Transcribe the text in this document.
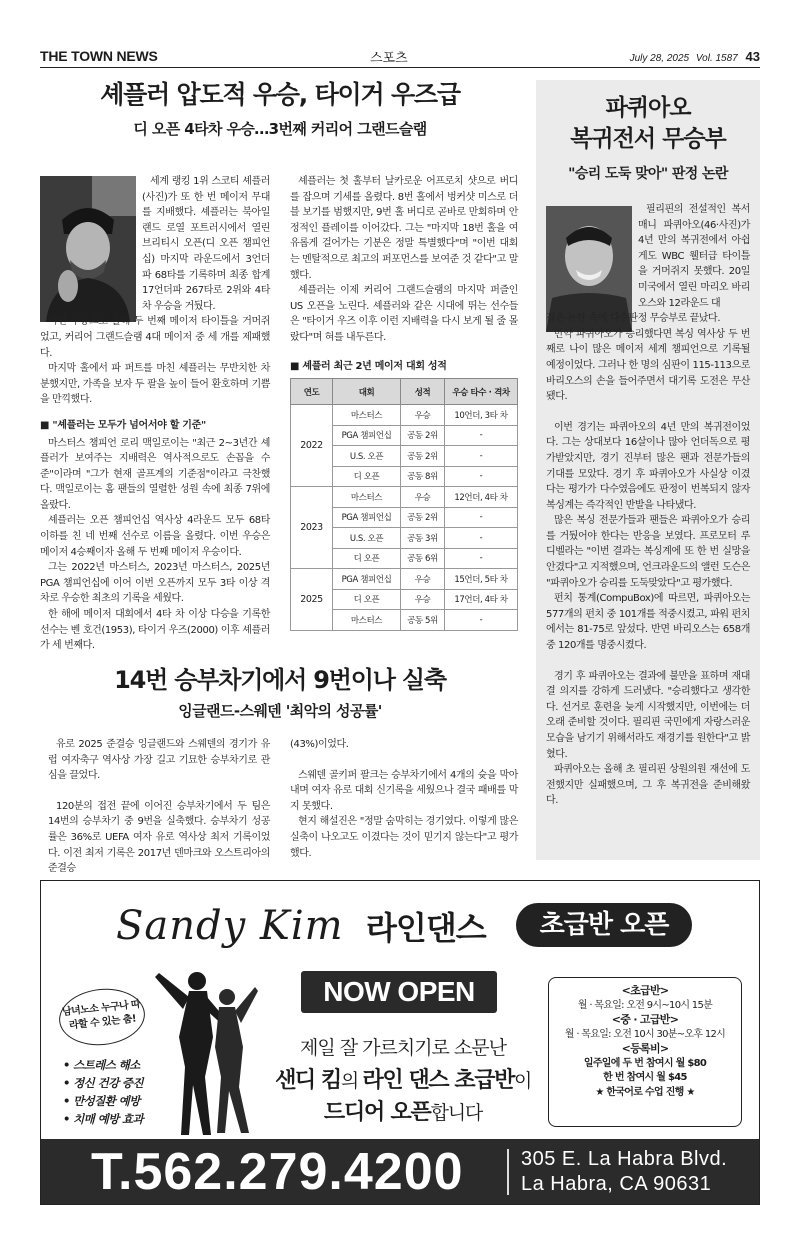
THE TOWN NEWS	스포츠	July 28, 2025 Vol. 1587 43
셰플러 압도적 우승, 타이거 우즈급
디 오픈 4타차 우승…3번째 커리어 그랜드슬램

세계 랭킹 1위 스코티 셰플러(사진)가 또 한 번 메이저 무대를 지배했다. 셰플러는 북아일랜드 로열 포트러시에서 열린 브리티시 오픈(디 오픈 챔피언십) 마지막 라운드에서 3언더파 68타를 기록하며 최종 합계 17언더파 267타로 2위와 4타 차 우승을 거뒀다.

이번 우승으로 올해 두 번째 메이저 타이틀을 거머쥐었고, 커리어 그랜드슬램 4대 메이저 중 세 개를 제패했다.

마지막 홀에서 파 퍼트를 마친 셰플러는 무반치한 차분했지만, 가족을 보자 두 팔을 높이 들어 환호하며 기쁨을 만끽했다.

■ "셰플러는 모두가 넘어서야 할 기준"

마스터스 챔피언 로리 맥일로이는 "최근 2~3년간 셰플러가 보여주는 지배력은 역사적으로도 손꼽을 수준"이라며 "그가 현재 골프계의 기준점"이라고 극찬했다. 맥일로이는 홈 팬들의 열렬한 성원 속에 최종 7위에 올랐다.

셰플러는 오픈 챔피언십 역사상 4라운드 모두 68타 이하를 친 네 번째 선수로 이름을 올렸다. 이번 우승은 메이저 4승째이자 올해 두 번째 메이저 우승이다.

그는 2022년 마스터스, 2023년 마스터스, 2025년 PGA 챔피언십에 이어 이번 오픈까지 모두 3타 이상 격차로 우승한 최초의 기록을 세웠다.

한 해에 메이저 대회에서 4타 차 이상 다승을 기록한 선수는 벤 호건(1953), 타이거 우즈(2000) 이후 셰플러가 세 번째다.

셰플러는 첫 홀부터 날카로운 어프로치 샷으로 버디를 잡으며 기세를 올렸다. 8번 홀에서 벙커샷 미스로 더블 보기를 범했지만, 9번 홀 버디로 곧바로 만회하며 안정적인 플레이를 이어갔다. 그는 "마지막 18번 홀을 여유롭게 걸어가는 기분은 정말 특별했다"며 "이번 대회는 멘탈적으로 최고의 퍼포먼스를 보여준 것 같다"고 말했다.

셰플러는 이제 커리어 그랜드슬램의 마지막 퍼즐인 US 오픈을 노린다. 셰플러와 같은 시대에 뛰는 선수들은 "타이거 우즈 이후 이런 지배력을 다시 보게 될 줄 몰랐다"며 혀를 내두른다.

■ 셰플러 최근 2년 메이저 대회 성적
연도	대회	성적	우승 타수 · 격차
2022	마스터스	우승	10언더, 3타 차
	PGA 챔피언십	공동 2위	-
	U.S. 오픈	공동 2위	-
	디 오픈	공동 8위	-
2023	마스터스	우승	12언더, 4타 차
	PGA 챔피언십	공동 2위	-
	U.S. 오픈	공동 3위	-
	디 오픈	공동 6위	-
2025	PGA 챔피언십	우승	15언더, 5타 차
	디 오픈	우승	17언더, 4타 차
	마스터스	공동 5위	-
14번 승부차기에서 9번이나 실축
잉글랜드-스웨덴 '최악의 성공률'

유로 2025 준결승 잉글랜드와 스웨덴의 경기가 유럽 여자축구 역사상 가장 길고 기묘한 승부차기로 관심을 끌었다.

120분의 접전 끝에 이어진 승부차기에서 두 팀은 14번의 승부차기 중 9번을 실축했다. 승부차기 성공률은 36%로 UEFA 여자 유로 역사상 최저 기록이었다. 이전 최저 기록은 2017년 덴마크와 오스트리아의 준결승

(43%)이었다.

스웨덴 골키퍼 팔크는 승부차기에서 4개의 슛을 막아내며 여자 유로 대회 신기록을 세웠으나 결국 패배를 막지 못했다.

현지 해설진은 "정말 숨막히는 경기였다. 이렇게 많은 실축이 나오고도 이겼다는 것이 믿기지 않는다"고 평가했다.

파퀴아오
복귀전서 무승부
"승리 도둑 맞아" 판정 논란

필리핀의 전설적인 복서 매니 파퀴아오(46·사진)가 4년 만의 복귀전에서 아쉽게도 WBC 웰터급 타이틀을 거머쥐지 못했다. 20일 미국에서 열린 마리오 바리오스와 12라운드 대

결은 논란 속에 다수판정 무승부로 끝났다.

만약 파퀴아오가 승리했다면 복싱 역사상 두 번째로 나이 많은 메이저 세계 챔피언으로 기록될 예정이었다. 그러나 한 명의 심판이 115-113으로 바리오스의 손을 들어주면서 대기록 도전은 무산됐다.

이번 경기는 파퀴아오의 4년 만의 복귀전이었다. 그는 상대보다 16살이나 많아 언더독으로 평가받았지만, 경기 진부터 많은 팬과 전문가들의 기대를 모았다. 경기 후 파퀴아오가 사실상 이겼다는 평가가 다수였음에도 판정이 번복되지 않자 복싱계는 즉각적인 반발을 나타냈다.

많은 복싱 전문가들과 팬들은 파퀴아오가 승리를 거뒀어야 한다는 반응을 보였다. 프로모터 루 디벨라는 "이번 결과는 복싱계에 또 한 번 실망을 안겼다"고 지적했으며, 언크라운드의 앨런 도슨은 "파퀴아오가 승리를 도둑맞았다"고 평가했다.

펀치 통계(CompuBox)에 따르면, 파퀴아오는 577개의 펀치 중 101개를 적중시켰고, 파워 펀치에서는 81-75로 앞섰다. 반면 바리오스는 658개 중 120개를 명중시켰다.

경기 후 파퀴아오는 결과에 불만을 표하며 재대결 의지를 강하게 드러냈다. "승리했다고 생각한다. 선거로 훈련을 늦게 시작했지만, 이번에는 더 오래 준비할 것이다. 필리핀 국민에게 자랑스러운 모습을 남기기 위해서라도 재경기를 원한다"고 밝혔다.

파퀴아오는 올해 초 필리핀 상원의원 재선에 도전했지만 실패했으며, 그 후 복귀전을 준비해왔다.

Sandy Kim 라인댄스	초급반 오픈
남녀노소 누구나 따라할 수 있는 춤!
• 스트레스 해소
• 정신 건강 증진
• 만성질환 예방
• 치매 예방 효과
NOW OPEN
제일 잘 가르치기로 소문난
샌디 킴의 라인 댄스 초급반이
드디어 오픈합니다
<초급반>
월 · 목요일: 오전 9시~10시 15분
<중 · 고급반>
월 · 목요일: 오전 10시 30분~오후 12시
<등록비>
일주일에 두 번 참여시 월 $80
한 번 참여시 월 $45
★ 한국어로 수업 진행 ★
T.562.279.4200	305 E. La Habra Blvd.
La Habra, CA 90631
